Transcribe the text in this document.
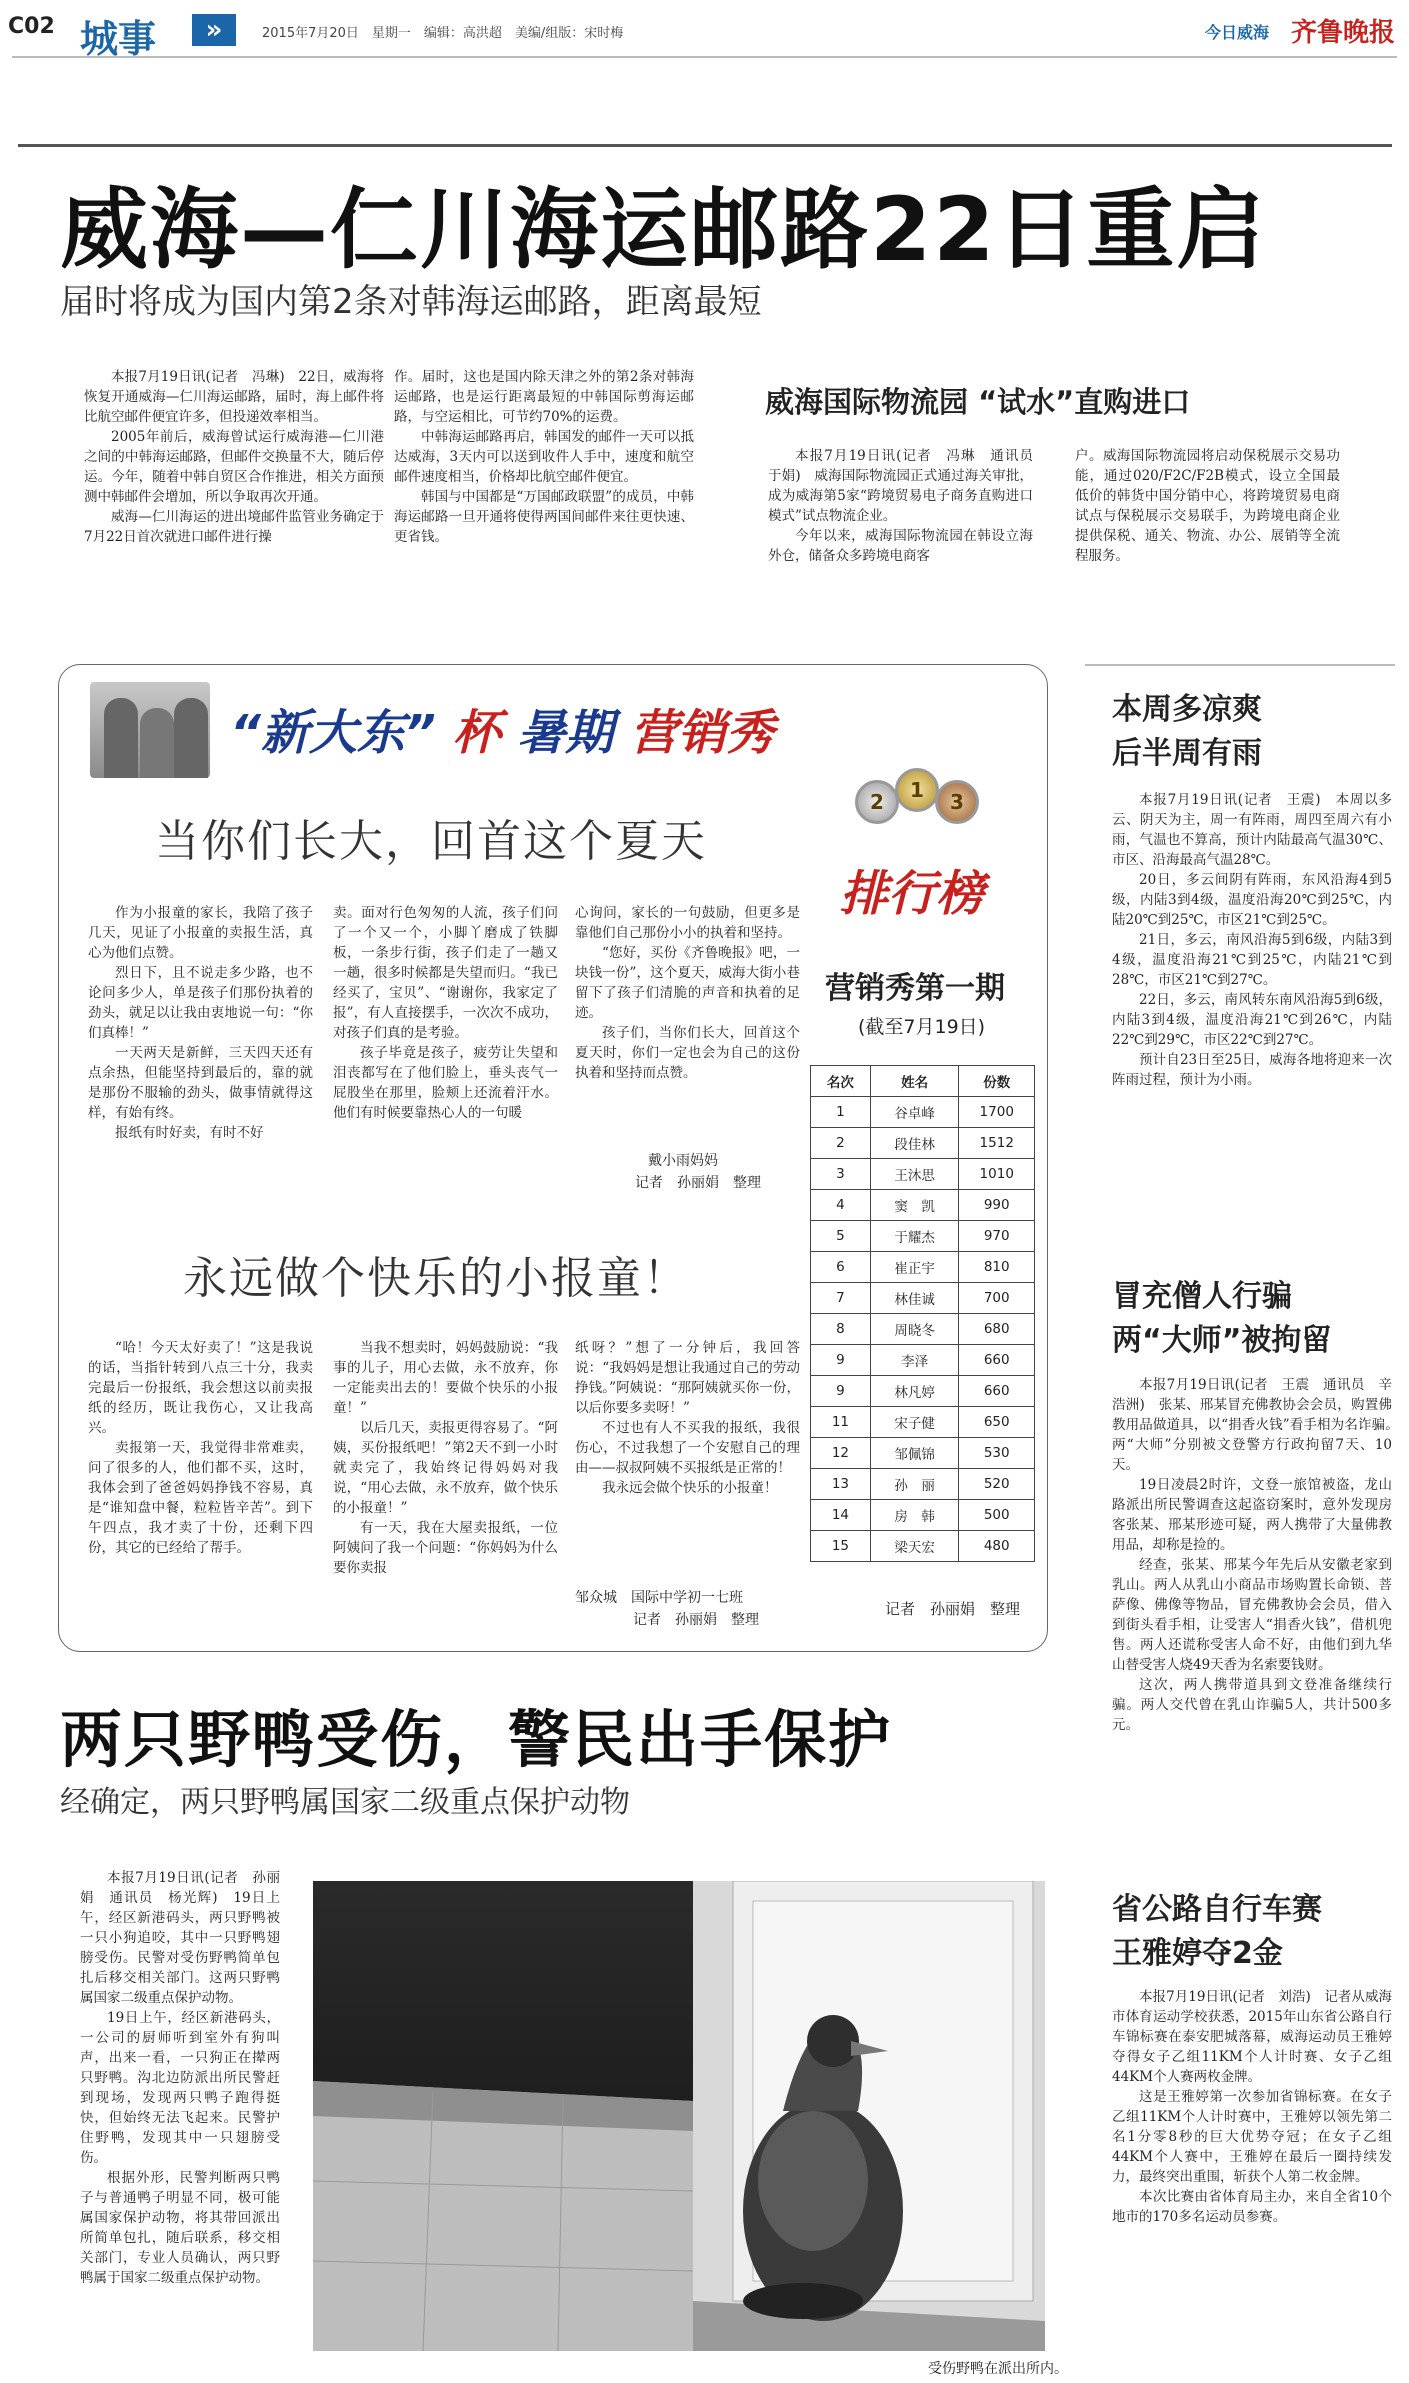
C02 城事	»	2015年7月20日　星期一　编辑：高洪超　美编/组版：宋时梅	今日威海 齐鲁晚报
威海—仁川海运邮路22日重启
届时将成为国内第2条对韩海运邮路，距离最短

本报7月19日讯(记者　冯琳)　22日，威海将恢复开通威海—仁川海运邮路，届时，海上邮件将比航空邮件便宜许多，但投递效率相当。

2005年前后，威海曾试运行威海港—仁川港之间的中韩海运邮路，但邮件交换量不大，随后停运。今年，随着中韩自贸区合作推进，相关方面预测中韩邮件会增加，所以争取再次开通。

威海—仁川海运的进出境邮件监管业务确定于7月22日首次就进口邮件进行操

作。届时，这也是国内除天津之外的第2条对韩海运邮路，也是运行距离最短的中韩国际剪海运邮路，与空运相比，可节约70%的运费。

中韩海运邮路再启，韩国发的邮件一天可以抵达威海，3天内可以送到收件人手中，速度和航空邮件速度相当，价格却比航空邮件便宜。

韩国与中国都是“万国邮政联盟”的成员，中韩海运邮路一旦开通将使得两国间邮件来往更快速、更省钱。

威海国际物流园 “试水”直购进口

本报7月19日讯(记者　冯琳　通讯员　于娟)　威海国际物流园正式通过海关审批，成为威海第5家“跨境贸易电子商务直购进口模式”试点物流企业。

今年以来，威海国际物流园在韩设立海外仓，储备众多跨境电商客

户。威海国际物流园将启动保税展示交易功能，通过020/F2C/F2B模式，设立全国最低价的韩货中国分销中心，将跨境贸易电商试点与保税展示交易联手，为跨境电商企业提供保税、通关、物流、办公、展销等全流程服务。

“新大东” 杯 暑期 营销秀
当你们长大，回首这个夏天

作为小报童的家长，我陪了孩子几天，见证了小报童的卖报生活，真心为他们点赞。

烈日下，且不说走多少路，也不论问多少人，单是孩子们那份执着的劲头，就足以让我由衷地说一句：“你们真棒！”

一天两天是新鲜，三天四天还有点余热，但能坚持到最后的，靠的就是那份不服输的劲头，做事情就得这样，有始有终。

报纸有时好卖，有时不好

卖。面对行色匆匆的人流，孩子们问了一个又一个，小脚丫磨成了铁脚板，一条步行街，孩子们走了一趟又一趟，很多时候都是失望而归。“我已经买了，宝贝”、“谢谢你，我家定了报”，有人直接摆手，一次次不成功，对孩子们真的是考验。

孩子毕竟是孩子，疲劳让失望和泪丧都写在了他们脸上，垂头丧气一屁股坐在那里，脸颊上还流着汗水。他们有时候要靠热心人的一句暖

心询问，家长的一句鼓励，但更多是靠他们自己那份小小的执着和坚持。

“您好，买份《齐鲁晚报》吧，一块钱一份”，这个夏天，威海大街小巷留下了孩子们清脆的声音和执着的足迹。

孩子们，当你们长大，回首这个夏天时，你们一定也会为自己的这份执着和坚持而点赞。

戴小雨妈妈
记者　孙丽娟　整理
永远做个快乐的小报童！

“哈！今天太好卖了！”这是我说的话，当指针转到八点三十分，我卖完最后一份报纸，我会想这以前卖报纸的经历，既让我伤心，又让我高兴。

卖报第一天，我觉得非常难卖，问了很多的人，他们都不买，这时，我体会到了爸爸妈妈挣钱不容易，真是“谁知盘中餐，粒粒皆辛苦”。到下午四点，我才卖了十份，还剩下四份，其它的已经给了帮手。

当我不想卖时，妈妈鼓励说：“我事的儿子，用心去做，永不放弃，你一定能卖出去的！要做个快乐的小报童！”

以后几天，卖报更得容易了。“阿姨，买份报纸吧！”第2天不到一小时就卖完了，我始终记得妈妈对我说，“用心去做，永不放弃，做个快乐的小报童！”

有一天，我在大屋卖报纸，一位阿姨问了我一个问题：“你妈妈为什么要你卖报

纸呀？”想了一分钟后，我回答说：“我妈妈是想让我通过自己的劳动挣钱。”阿姨说：“那阿姨就买你一份，以后你要多卖呀！”

不过也有人不买我的报纸，我很伤心，不过我想了一个安慰自己的理由——叔叔阿姨不买报纸是正常的！

我永远会做个快乐的小报童！

邹众城　国际中学初一七班
记者　孙丽娟　整理
2	1	3
排行榜
营销秀第一期
(截至7月19日)
名次	姓名	份数
1	谷卓峰	1700
2	段佳林	1512
3	王沐思	1010
4	窦　凯	990
5	于耀杰	970
6	崔正宇	810
7	林佳诚	700
8	周晓冬	680
9	李泽	660
9	林凡婷	660
11	宋子健	650
12	邹佩锦	530
13	孙　丽	520
14	房　韩	500
15	梁天宏	480
记者　孙丽娟　整理
本周多凉爽
后半周有雨

本报7月19日讯(记者　王震)　本周以多云、阴天为主，周一有阵雨，周四至周六有小雨，气温也不算高，预计内陆最高气温30℃、市区、沿海最高气温28℃。

20日，多云间阴有阵雨，东风沿海4到5级，内陆3到4级，温度沿海20℃到25℃，内陆20℃到25℃，市区21℃到25℃。

21日，多云，南风沿海5到6级，内陆3到4级，温度沿海21℃到25℃，内陆21℃到28℃，市区21℃到27℃。

22日，多云，南风转东南风沿海5到6级，内陆3到4级，温度沿海21℃到26℃，内陆22℃到29℃，市区22℃到27℃。

预计自23日至25日，威海各地将迎来一次阵雨过程，预计为小雨。

冒充僧人行骗
两“大师”被拘留

本报7月19日讯(记者　王震　通讯员　辛浩洲)　张某、邢某冒充佛教协会会员，购置佛教用品做道具，以“捐香火钱”看手相为名诈骗。　两“大师”分别被文登警方行政拘留7天、10天。

19日凌晨2时许，文登一旅馆被盗，龙山路派出所民警调查这起盗窃案时，意外发现房客张某、邢某形迹可疑，两人携带了大量佛教用品，却称是捡的。

经查，张某、邢某今年先后从安徽老家到乳山。两人从乳山小商品市场购置长命锁、菩萨像、佛像等物品，冒充佛教协会会员，借入到街头看手相，让受害人“捐香火钱”，借机兜售。两人还谎称受害人命不好，由他们到九华山替受害人烧49天香为名索要钱财。

这次，两人携带道具到文登准备继续行骗。两人交代曾在乳山诈骗5人，共计500多元。

省公路自行车赛
王雅婷夺2金

本报7月19日讯(记者　刘浩)　记者从威海市体育运动学校获悉，2015年山东省公路自行车锦标赛在泰安肥城落幕，威海运动员王雅婷夺得女子乙组11KM个人计时赛、女子乙组44KM个人赛两枚金牌。

这是王雅婷第一次参加省锦标赛。在女子乙组11KM个人计时赛中，王雅婷以领先第二名1分零8秒的巨大优势夺冠；在女子乙组44KM个人赛中，王雅婷在最后一圈持续发力，最终突出重围，斩获个人第二枚金牌。

本次比赛由省体育局主办，来自全省10个地市的170多名运动员参赛。

两只野鸭受伤，警民出手保护
经确定，两只野鸭属国家二级重点保护动物

本报7月19日讯(记者　孙丽娟　通讯员　杨光辉)　19日上午，经区新港码头，两只野鸭被一只小狗追咬，其中一只野鸭翅膀受伤。民警对受伤野鸭简单包扎后移交相关部门。这两只野鸭属国家二级重点保护动物。

19日上午，经区新港码头，一公司的厨师听到室外有狗叫声，出来一看，一只狗正在撵两只野鸭。沟北边防派出所民警赶到现场，发现两只鸭子跑得挺快，但始终无法飞起来。民警护住野鸭，发现其中一只翅膀受伤。

根据外形，民警判断两只鸭子与普通鸭子明显不同，极可能属国家保护动物，将其带回派出所简单包扎，随后联系，移交相关部门，专业人员确认，两只野鸭属于国家二级重点保护动物。

受伤野鸭在派出所内。
